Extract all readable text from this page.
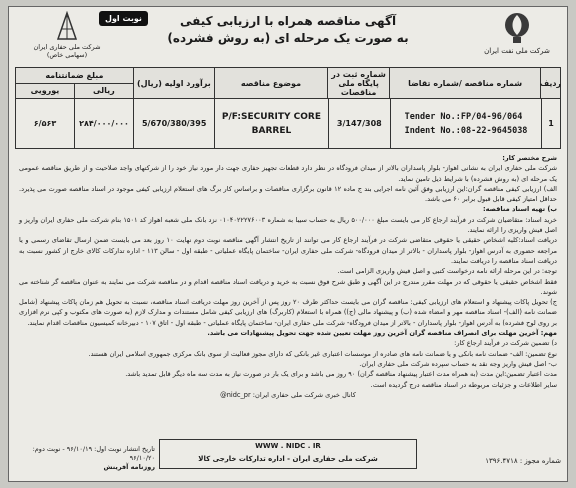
شرکت ملی نفت ایران
آگهی مناقصه همراه با ارزیابی کیفی
به صورت یک مرحله ای (به روش فشرده)
نوبت اول
شرکت ملی حفاری ایران
(سهامی خاص)
ردیف
شماره مناقصه /شماره تقاضا
شماره ثبت در پایگاه ملی مناقصات
موضوع مناقصه
برآورد اولیه (ریال)
مبلغ ضمانتنامه
ریالی
یورویی
1
Tender No.:FP/04-96/064
Indent No.:08-22-9645038
3/147/308
P/F:SECURITY CORE BARREL
5/670/380/395
۲۸۴/۰۰۰/۰۰۰
۶/۵۶۳

شرح مختصر کار:

شرکت ملی حفاری ایران به نشانی اهواز- بلوار پاسداران بالاتر از میدان فرودگاه در نظر دارد قطعات تجهیز حفاری جهت دار مورد نیاز خود را از شرکتهای واجد صلاحیت و از طریق مناقصه عمومی یک مرحله ای (به روش فشرده) با شرایط ذیل تامین نماید.

الف) ارزیابی کیفی مناقصه گران:این ارزیابی وفق آئین نامه اجرایی بند ج ماده ۱۲ قانون برگزاری مناقصات و براساس کار برگ های استعلام ارزیابی کیفی موجود در اسناد مناقصه صورت می پذیرد. حداقل امتیاز کیفی قابل قبول برابر ۶۰ می باشد.

ب) تهیه اسناد مناقصه:

خرید اسناد: متقاضیان شرکت در فرآیند ارجاع کار می بایست مبلغ ۵۰۰/۰۰۰ ریال به حساب سیبا به شماره ۰۱۰۴۰۲۲۲۷۶۰۰۳ نزد بانک ملی شعبه اهواز کد ۱۵۰۱ بنام شرکت ملی حفاری ایران واریز و اصل فیش واریزی را ارائه نمایند.

دریافت اسناد:کلیه اشخاص حقیقی یا حقوقی متقاضی شرکت در فرآیند ارجاع کار می توانند از تاریخ انتشار آگهی مناقصه نوبت دوم نهایت ۱۰ روز بعد می بایست ضمن ارسال تقاضای رسمی و یا مراجعه حضوری به آدرس اهواز- بلوار پاسداران - بالاتر از میدان فرودگاه- شرکت ملی حفاری ایران- ساختمان پایگاه عملیاتی - طبقه اول - سالن ۱۱۳ - اداره تدارکات کالای خارج از کشور نسبت به دریافت اسناد مناقصه را دریافت نمایند.

توجه: در این مرحله ارائه نامه درخواست کتبی و اصل فیش واریزی الزامی است.

فقط اشخاص حقیقی یا حقوقی که در مهلت مقرر مندرج در این آگهی و طبق شرح فوق نسبت به خرید و دریافت اسناد مناقصه اقدام و در مناقصه شرکت می نمایند به عنوان مناقصه گر شناخته می شوند.

ج) تحویل پاکات پیشنهاد و استعلام های ارزیابی کیفی: مناقصه گران می بایست حداکثر ظرف ۲۰ روز پس از آخرین روز مهلت دریافت اسناد مناقصه، نسبت به تحویل هم زمان پاکات پیشنهاد (شامل ضمانت نامه (الف)- اسناد مناقصه مهر و امضاء شده (ب) و پیشنهاد مالی (ج)) همراه با استعلام (کاربرگ) های ارزیابی کیفی شامل مستندات و مدارک لازم (به صورت های مکتوب و کپی نرم افزاری بر روی لوح فشرده) به آدرس اهواز- بلوار پاسداران - بالاتر از میدان فرودگاه- شرکت ملی حفاری ایران- ساختمان پایگاه عملیاتی - طبقه اول - اتاق ۱۰۷ - دبیرخانه کمیسیون مناقصات اقدام نمایند.

مهم: آخرین مهلت برای انصراف مناقصه گران آخرین روز مهلت تعیین شده جهت تحویل پیشنهادات می باشد.

د) تضمین شرکت در فرآیند ارجاع کار:

نوع تضمین: الف- ضمانت نامه بانکی و یا ضمانت نامه های صادره از موسسات اعتباری غیر بانکی که دارای مجوز فعالیت از سوی بانک مرکزی جمهوری اسلامی ایران هستند.

ب- اصل فیش واریز وجه نقد به حساب سپرده شرکت ملی حفاری ایران.

مدت اعتبار تضمین:این مدت (به همراه مدت اعتبار پیشنهاد مناقصه گران) ۹۰ روز می باشد و برای یک بار در صورت نیاز به مدت سه ماه دیگر قابل تمدید باشد.

سایر اطلاعات و جزئیات مربوطه در اسناد مناقصه درج گردیده است.

کانال خبری شرکت ملی حفاری ایران: nidc_pr@

WWW . NIDC . IR
شرکت ملی حفاری ایران - اداره تدارکات خارجی کالا	شماره مجوز : ۱۳۹۶.۴۷۱۸
تاریخ انتشار نوبت اول: ۹۶/۱۰/۱۹ - نوبت دوم: ۹۶/۱۰/۲۰
روزنامه آفرینش
